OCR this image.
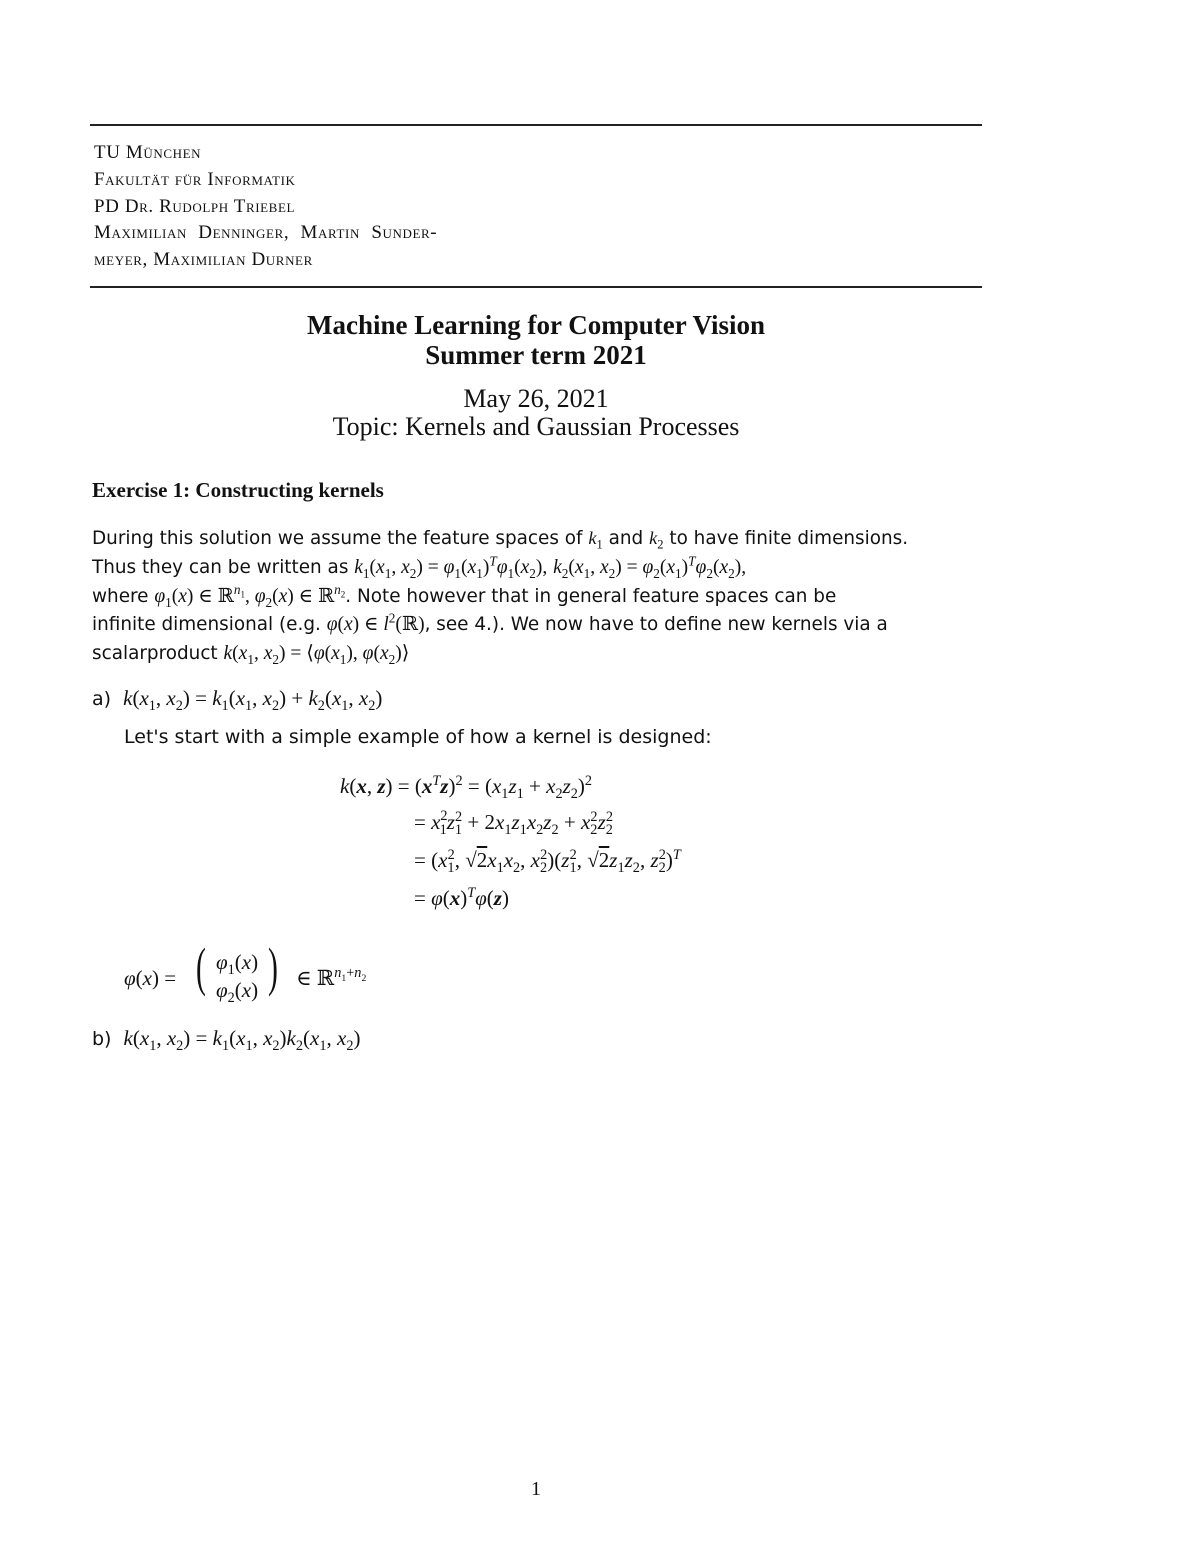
TU München
Fakultät für Informatik
PD Dr. Rudolph Triebel
Maximilian Denninger, Martin Sunder-
meyer, Maximilian Durner
Machine Learning for Computer Vision
Summer term 2021
May 26, 2021
Topic: Kernels and Gaussian Processes
Exercise 1: Constructing kernels
During this solution we assume the feature spaces of $k_1$ and $k_2$ to have finite dimensions.
Thus they can be written as $k_1(x_1$, $x_2) = \varphi_1(x_1)^T\varphi_1(x_2)$, $k_2(x_1$, $x_2) = \varphi_2(x_1)^T\varphi_2(x_2)$,
where $\varphi_1(x)$ ∈ ℝ$^{n_1}$, $\varphi_2(x)$ ∈ ℝ$^{n_2}$. Note however that in general feature spaces can be
infinite dimensional (e.g. φ(x) ∈ $l^2(ℝ)$, see 4.). We now have to define new kernels via a
scalarproduct $k(x_1$, $x_2$) = $⟨\varphi(x_1)$, $\varphi(x_2)⟩$
a) $k(x_1$, $x_2) = k_1(x_1$, $x_2) + k_2(x_1$, $x_2$)
Let's start with a simple example of how a kernel is designed:
k(x, $z) = (x^Tz)^2 = (x_1z_1 + x_2z_2)^2$
= $x_{21}z_1^2 + 2x_1z_1x_2z_2 + x_2^2z_2^2$
= ($x_1^2$, $√2x_1x_2$, $x_2^2)(z_1^2$, $√2z_1z_2$, $z_2^2)^T$
= $\varphi(x)^T\varphi(z)$
φ(x) = ( $\varphi_1(x)$
$\varphi_2(x)$ ) ∈ ℝ$^{n_1+n_2}$
b) $k(x_1$, $x_2) = k_1(x_1$, $x_2)k_2(x_1$, $x_2$)
1
